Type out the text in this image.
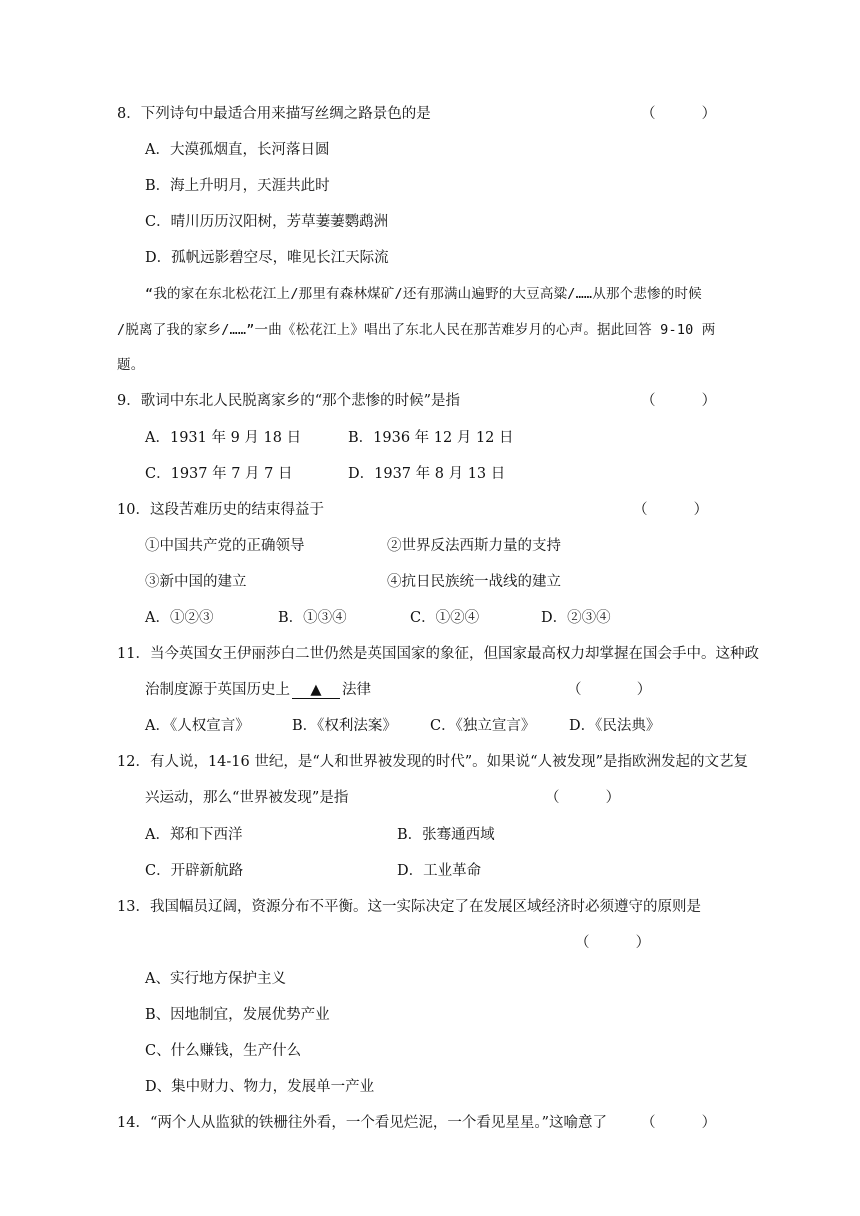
8．下列诗句中最适合用来描写丝绸之路景色的是	（          ）
A．大漠孤烟直，长河落日圆
B．海上升明月，天涯共此时
C．晴川历历汉阳树，芳草萋萋鹦鹉洲
D．孤帆远影碧空尽，唯见长江天际流
“我的家在东北松花江上/那里有森林煤矿/还有那满山遍野的大豆高粱/……从那个悲惨的时候
/脱离了我的家乡/……”一曲《松花江上》唱出了东北人民在那苦难岁月的心声。据此回答 9-10 两
题。
9．歌词中东北人民脱离家乡的“那个悲惨的时候”是指	（          ）
A．1931 年 9 月 18 日	B．1936 年 12 月 12 日
C．1937 年 7 月 7 日	D．1937 年 8 月 13 日
10．这段苦难历史的结束得益于	（          ）
①中国共产党的正确领导	②世界反法西斯力量的支持
③新中国的建立	④抗日民族统一战线的建立
A．①②③	B．①③④	C．①②④	D．②③④
11．当今英国女王伊丽莎白二世仍然是英国国家的象征，但国家最高权力却掌握在国会手中。这种政
治制度源于英国历史上 ▲ 法律	（            ）
A．《人权宣言》	B．《权利法案》 C．《独立宣言》 D．《民法典》
12．有人说，14-16 世纪，是“人和世界被发现的时代”。如果说“人被发现”是指欧洲发起的文艺复
兴运动，那么“世界被发现”是指	（          ）
A．郑和下西洋	B．张骞通西域
C．开辟新航路	D．工业革命
13．我国幅员辽阔，资源分布不平衡。这一实际决定了在发展区域经济时必须遵守的原则是
（          ）
A、实行地方保护主义
B、因地制宜，发展优势产业
C、什么赚钱，生产什么
D、集中财力、物力，发展单一产业
14．“两个人从监狱的铁栅往外看，一个看见烂泥，一个看见星星。”这喻意了 （          ）
